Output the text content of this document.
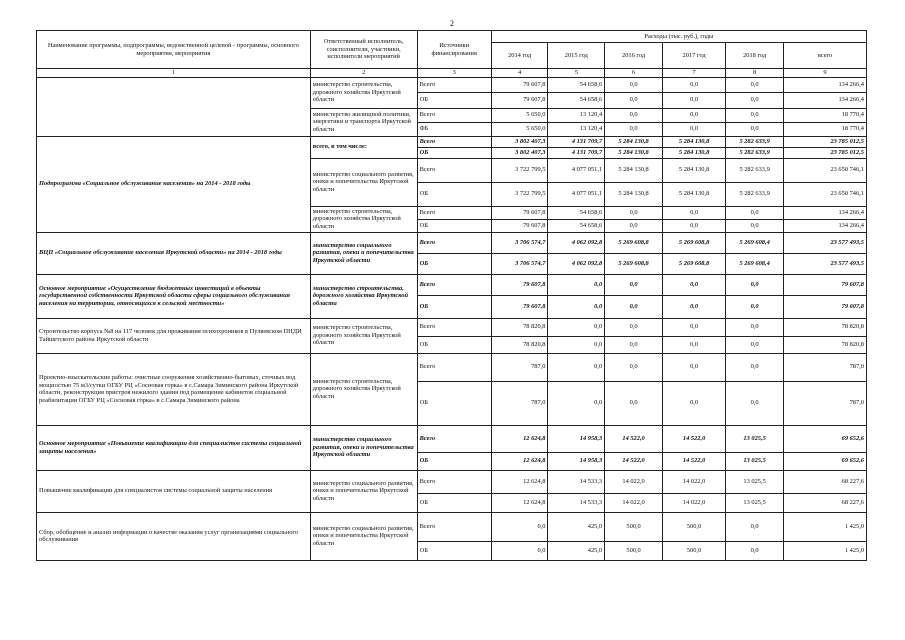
2
Наименование программы, подпрограммы, ведомственной целевой - программы, основного мероприятия, мероприятия	Ответственный исполнитель, соисполнители, участники, исполнители мероприятий	Источники финансирования	Расходы (тыс. руб.), годы					
			2014 год	2015 год	2016 год	2017 год	2018 год	всего
1	2	3	4	5	6	7	8	9
	министерство строительства, дорожного хозяйства Иркутской области	Всего	79 607,8	54 658,6	0,0	0,0	0,0	134 266,4
		ОБ	79 607,8	54 658,6	0,0	0,0	0,0	134 266,4
	министерство жилищной политики, энергетики и транспорта Иркутской области	Всего	5 650,0	13 120,4	0,0	0,0	0,0	18 770,4
		ФБ	5 650,0	13 120,4	0,0	0,0	0,0	18 770,4
Подпрограмма «Социальное обслуживание населения» на 2014 - 2018 годы	всего, в том числе:	Всего	3 802 407,3	4 131 709,7	5 284 130,8	5 284 130,8	5 282 633,9	23 785 012,5
		ОБ	3 802 407,3	4 131 709,7	5 284 130,8	5 284 130,8	5 282 633,9	23 785 012,5
	министерство социального развития, опеки и попечительства Иркутской области	Всего	3 722 799,5	4 077 051,1	5 284 130,8	5 284 130,8	5 282 633,9	23 650 746,1
		ОБ	3 722 799,5	4 077 051,1	5 284 130,8	5 284 130,8	5 282 633,9	23 650 746,1
	министерство строительства, дорожного хозяйства Иркутской области	Всего	79 607,8	54 658,6	0,0	0,0	0,0	134 266,4
		ОБ	79 607,8	54 658,6	0,0	0,0	0,0	134 266,4
ВЦП «Социальное обслуживание населения Иркутской области» на 2014 - 2018 годы	министерство социального развития, опеки и попечительства Иркутской области	Всего	3 706 574,7	4 062 092,8	5 269 608,8	5 269 608,8	5 269 608,4	23 577 493,5
		ОБ	3 706 574,7	4 062 092,8	5 269 608,8	5 269 608,8	5 269 608,4	23 577 493,5
Основное мероприятие «Осуществление бюджетных инвестиций в объекты государственной собственности Иркутской области сферы социального обслуживания населения на территории, относящихся к сельской местности»	министерство строительства, дорожного хозяйства Иркутской области	Всего	79 607,8	0,0	0,0	0,0	0,0	79 607,8
		ОБ	79 607,8	0,0	0,0	0,0	0,0	79 607,8
Строительство корпуса №8 на 117 человек для проживания психохроников в Пуляевском ПНДИ Тайшетского района Иркутской области	министерство строительства, дорожного хозяйства Иркутской области	Всего	78 820,8	0,0	0,0	0,0	0,0	78 820,8
		ОБ	78 820,8	0,0	0,0	0,0	0,0	78 820,8
Проектно-изыскательские работы: очистные сооружения хозяйственно-бытовых, сточных вод мощностью 75 м3/сутки ОГБУ РЦ «Сосновая горка» в с.Самара Зиминского района Иркутской области, реконструкция пристроя нежилого здания под размещение кабинетов социальной реабилитации ОГБУ РЦ «Сосновая горка» в с.Самара Зиминского района	министерство строительства, дорожного хозяйства Иркутской области	Всего	787,0	0,0	0,0	0,0	0,0	787,0
		ОБ	787,0	0,0	0,0	0,0	0,0	787,0
Основное мероприятие «Повышение квалификации для специалистов системы социальной защиты населения»	министерство социального развития, опеки и попечительства Иркутской области	Всего	12 624,8	14 958,3	14 522,0	14 522,0	13 025,5	69 652,6
		ОБ	12 624,8	14 958,3	14 522,0	14 522,0	13 025,5	69 652,6
Повышение квалификации для специалистов системы социальной защиты населения	министерство социального развития, опеки и попечительства Иркутской области	Всего	12 624,8	14 533,3	14 022,0	14 022,0	13 025,5	68 227,6
		ОБ	12 624,8	14 533,3	14 022,0	14 022,0	13 025,5	68 227,6
Сбор, обобщение и анализ информации о качестве оказания услуг организациями социального обслуживания	министерство социального развития, опеки и попечительства Иркутской области	Всего	0,0	425,0	500,0	500,0	0,0	1 425,0
		ОБ	0,0	425,0	500,0	500,0	0,0	1 425,0
